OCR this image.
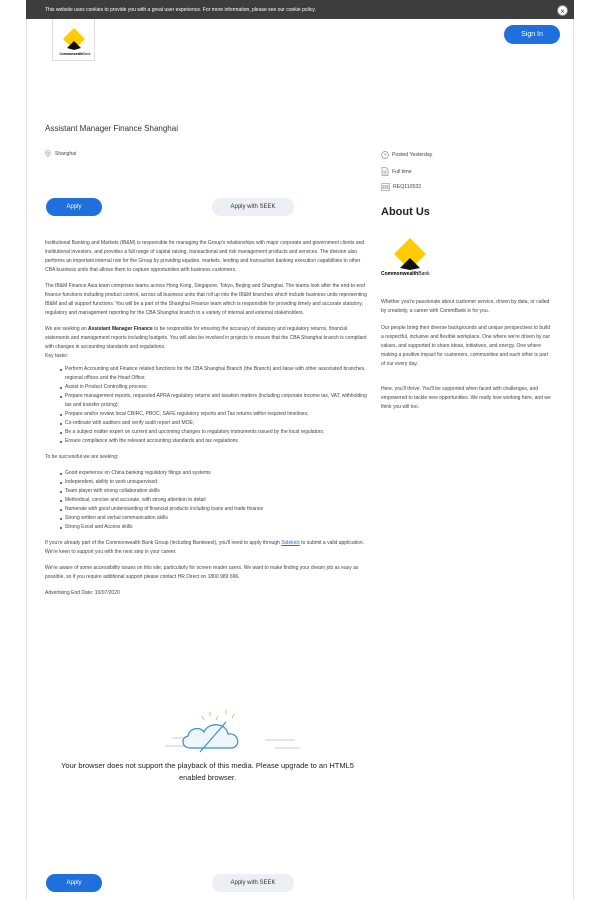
This website uses cookies to provide you with a great user experience. For more information, please see our cookie policy.	×
CommonwealthBank
Sign In
Assistant Manager Finance Shanghai
Shanghai	Posted Yesterday
Full time
REQ110532
Apply	Apply with SEEK	About Us
CommonwealthBank
Whether you're passionate about customer service, driven by data, or called by creativity, a career with CommBank is for you.
Our people bring their diverse backgrounds and unique perspectives to build a respectful, inclusive and flexible workplace. One where we're driven by our values, and supported to share ideas, initiatives, and energy. One where making a positive impact for customers, communities and each other is part of our every day.
Here, you'll thrive. You'll be supported when faced with challenges, and empowered to tackle new opportunities. We really love working here, and we think you will too.

Institutional Banking and Markets (IB&M) is responsible for managing the Group's relationships with major corporate and government clients and institutional investors, and provides a full range of capital raising, transactional and risk management products and services. The division also performs an important internal role for the Group by providing equities, markets, lending and transaction banking execution capabilities to other CBA business units that allows them to capture opportunities with business customers.

The IB&M Finance Asia team comprises teams across Hong Kong, Singapore, Tokyo, Beijing and Shanghai. The teams look after the end-to-end finance functions including product control, across all business units that roll up into the IB&M branches which include business units representing IB&M and all support functions. You will be a part of the Shanghai Finance team which is responsible for providing timely and accurate statutory, regulatory and management reporting for the CBA Shanghai branch to a variety of internal and external stakeholders.

We are seeking an Assistant Manager Finance to be responsible for ensuring the accuracy of statutory and regulatory returns, financial statements and management reports including budgets. You will also be involved in projects to ensure that the CBA Shanghai branch is compliant with changes in accounting standards and regulations.

Key tasks:
Perform Accounting and Finance related functions for the CBA Shanghai Branch (the Branch) and liaise with other associated branches, regional offices and the Head Office;
Assist in Product Controlling process;
Prepare management reports, requested APRA regulatory returns and taxation matters (including corporate income tax, VAT, withholding tax and transfer pricing);
Prepare and/or review local CBIRC, PBOC, SAFE regulatory reports and Tax returns within required timelines;
Co-ordinate with auditors and verify audit report and MOE;
Be a subject matter expert on current and upcoming changes to regulatory instruments issued by the local regulators;
Ensure compliance with the relevant accounting standards and tax regulations

To be successful we are seeking:

Good experience on China banking regulatory filings and systems
Independent, ability to work unsupervised
Team player with strong collaboration skills
Methodical, concise and accurate, with strong attention to detail
Numerate with good understanding of financial products including loans and trade finance
Strong written and verbal communication skills
Strong Excel and Access skills

If you're already part of the Commonwealth Bank Group (including Bankwest), you'll need to apply through Sidekick to submit a valid application. We're keen to support you with the next step in your career.

We're aware of some accessibility issues on this site, particularly for screen reader users. We want to make finding your dream job as easy as possible, so if you require additional support please contact HR Direct on 1800 989 696.

Advertising End Date: 10/07/2020

Your browser does not support the playback of this media. Please upgrade to an HTML5 enabled browser.
Apply	Apply with SEEK
